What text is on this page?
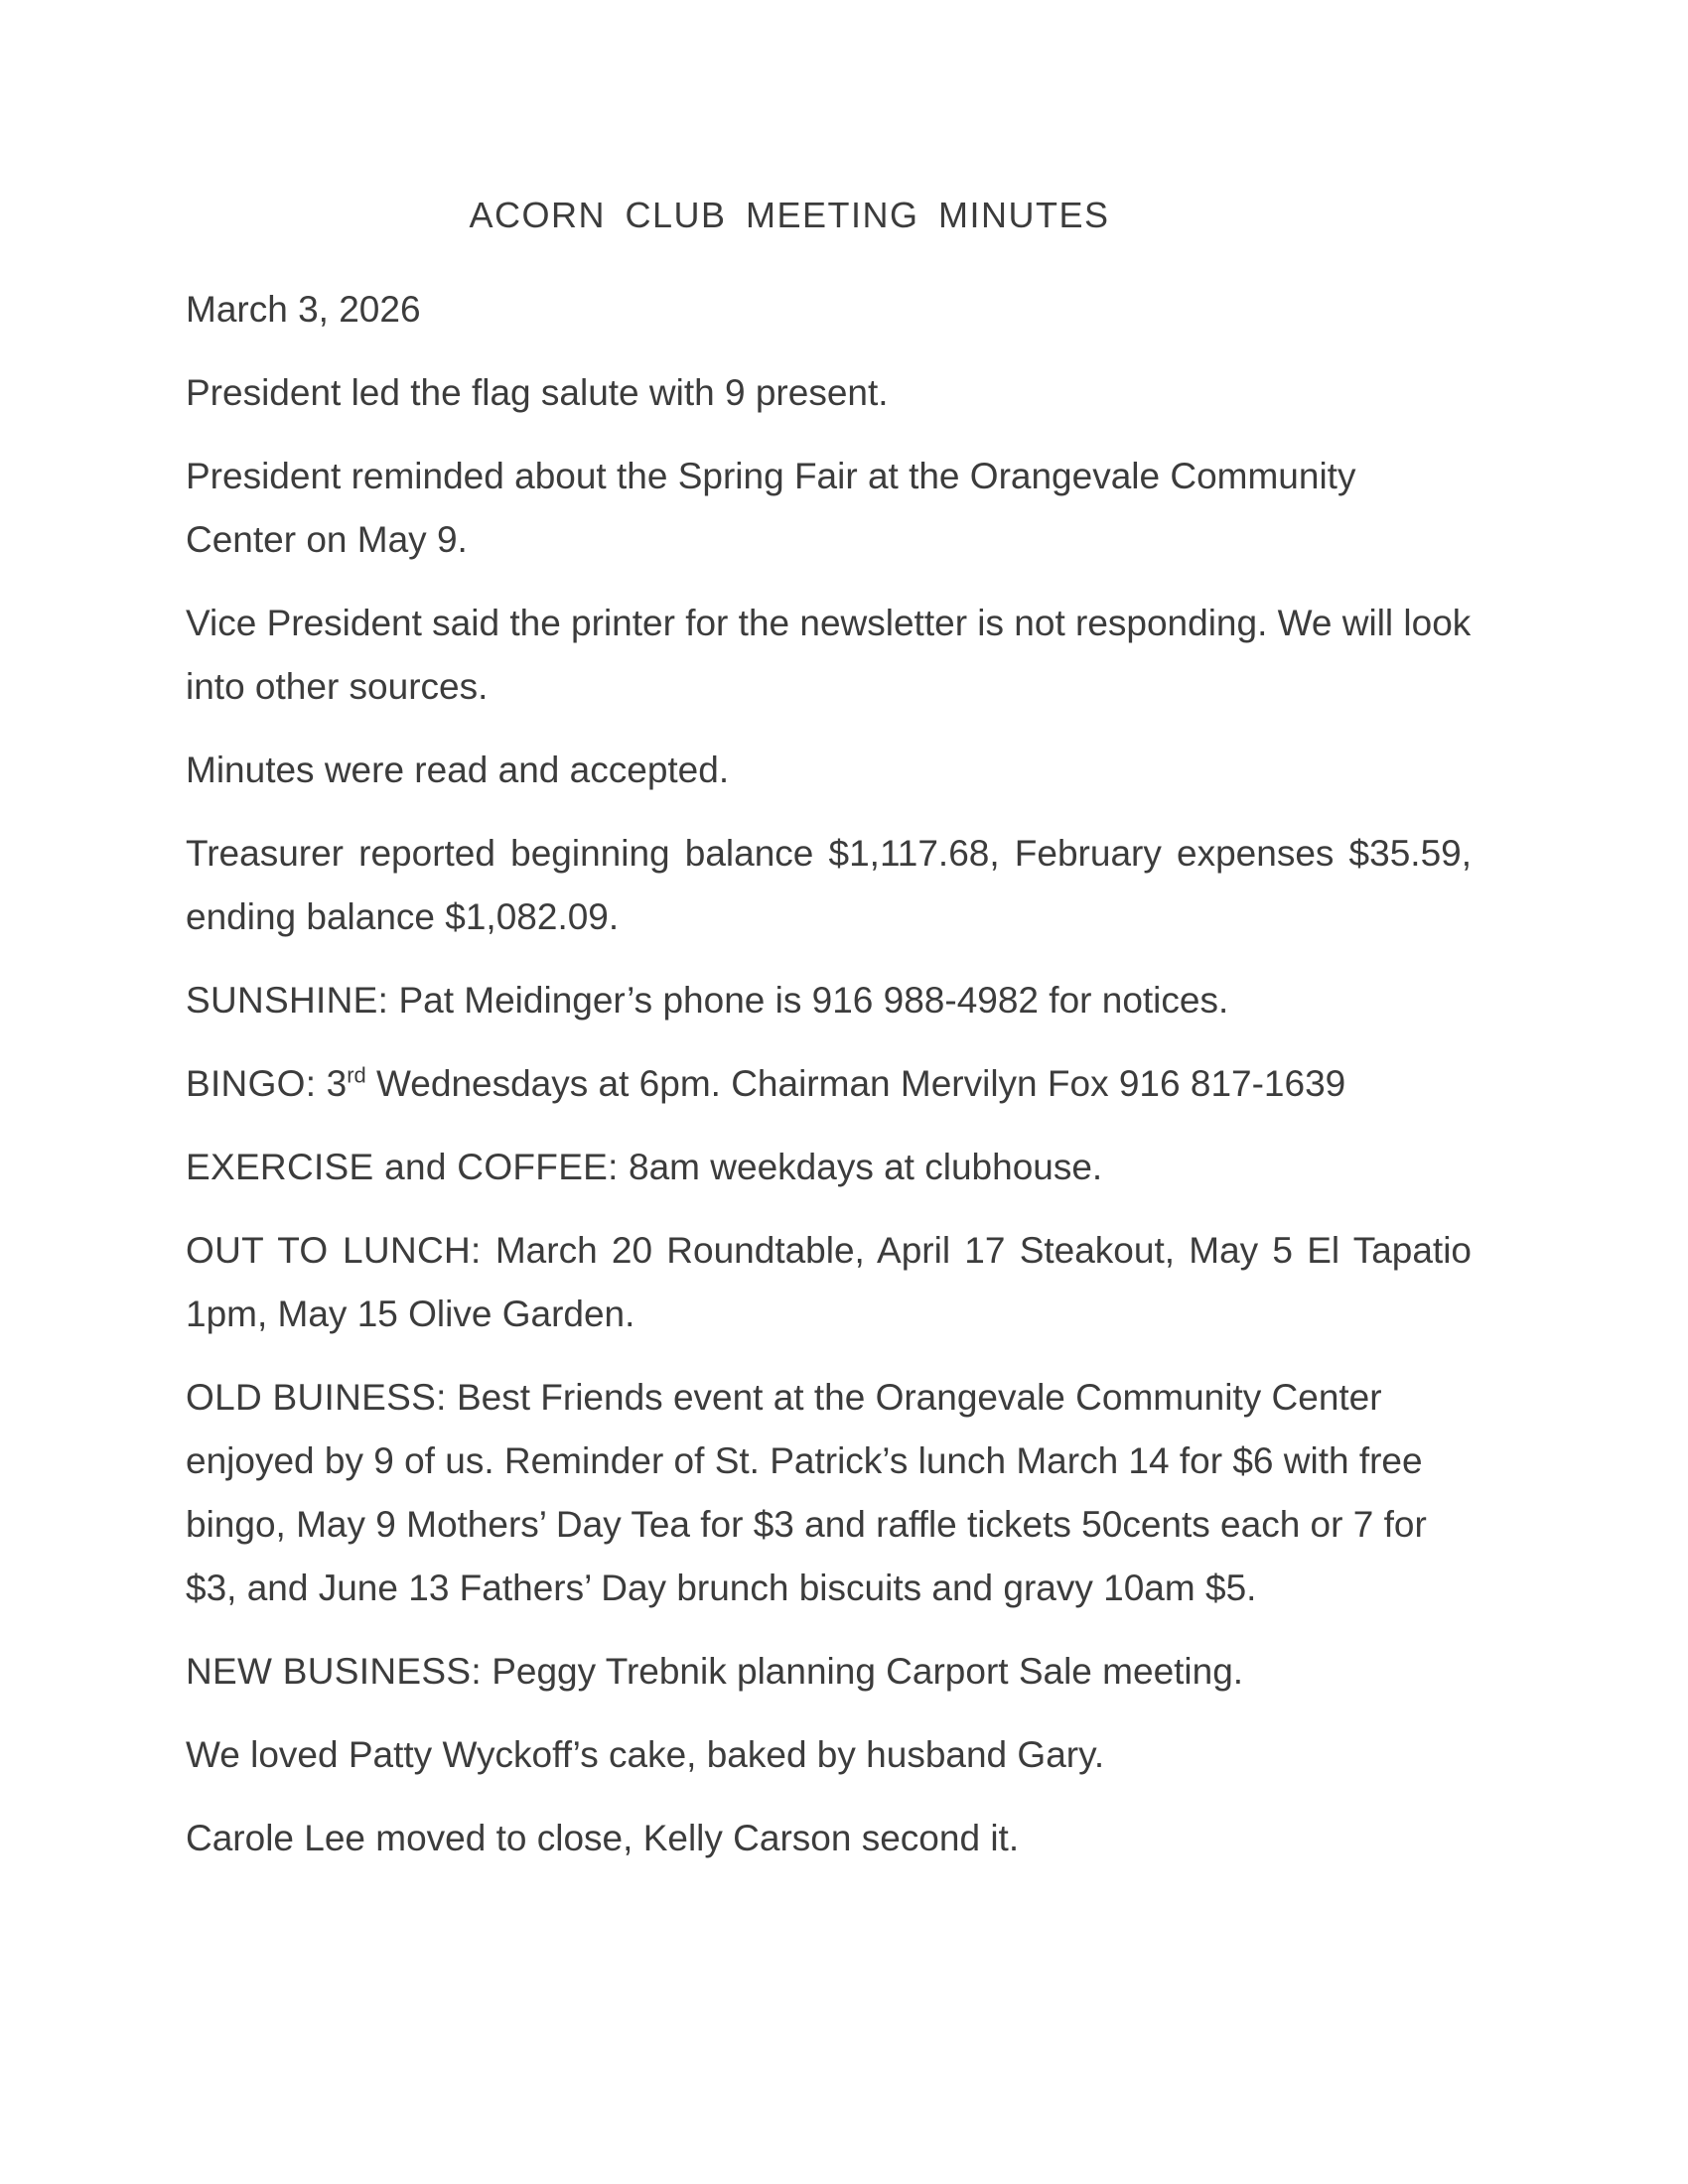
ACORN CLUB MEETING MINUTES
March 3, 2026
President led the flag salute with 9 present.
President reminded about the Spring Fair at the Orangevale Community Center on May 9.
Vice President said the printer for the newsletter is not responding. We will look into other sources.
Minutes were read and accepted.
Treasurer reported beginning balance $1,117.68, February expenses $35.59, ending balance $1,082.09.
SUNSHINE: Pat Meidinger’s phone is 916 988-4982 for notices.
BINGO: 3rd Wednesdays at 6pm. Chairman Mervilyn Fox 916 817-1639
EXERCISE and COFFEE: 8am weekdays at clubhouse.
OUT TO LUNCH: March 20 Roundtable, April 17 Steakout, May 5 El Tapatio 1pm, May 15 Olive Garden.
OLD BUINESS: Best Friends event at the Orangevale Community Center enjoyed by 9 of us. Reminder of St. Patrick’s lunch March 14 for $6 with free bingo, May 9 Mothers’ Day Tea for $3 and raffle tickets 50cents each or 7 for $3, and June 13 Fathers’ Day brunch biscuits and gravy 10am $5.
NEW BUSINESS: Peggy Trebnik planning Carport Sale meeting.
We loved Patty Wyckoff’s cake, baked by husband Gary.
Carole Lee moved to close, Kelly Carson second it.
